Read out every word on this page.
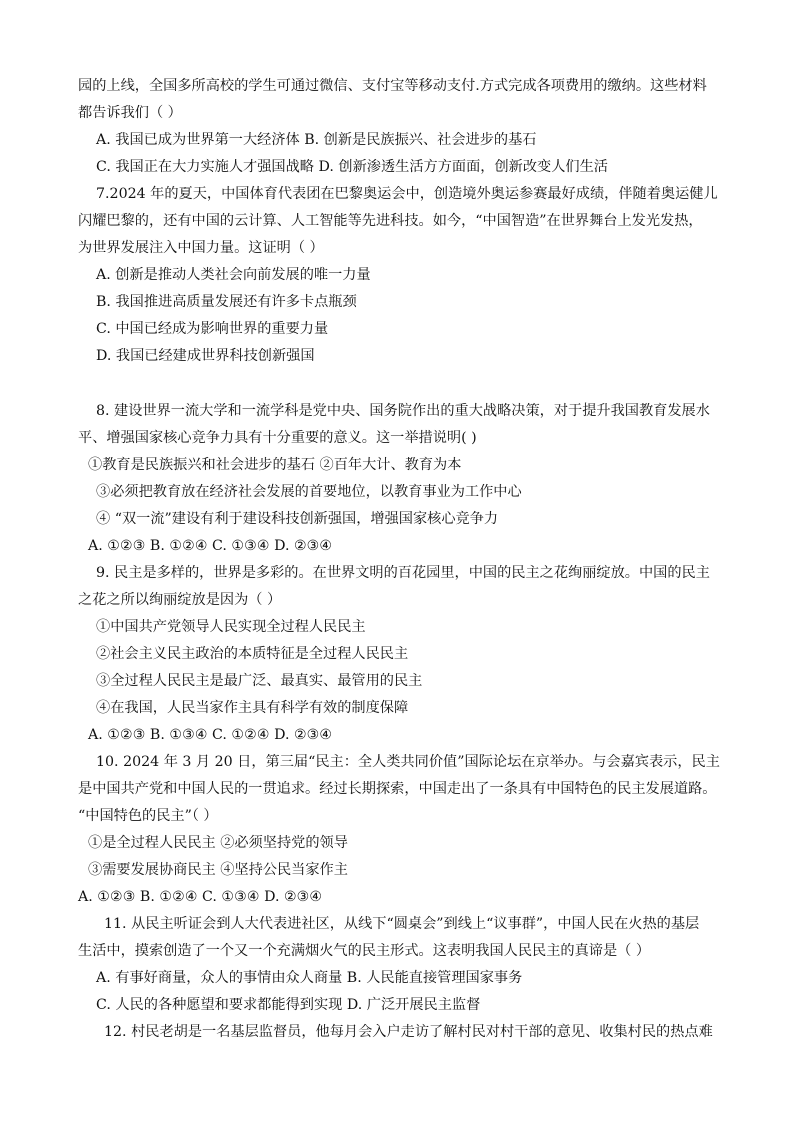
园的上线，全国多所高校的学生可通过微信、支付宝等移动支付.方式完成各项费用的缴纳。这些材料
都告诉我们（ ）
A. 我国已成为世界第一大经济体 B. 创新是民族振兴、社会进步的基石
C. 我国正在大力实施人才强国战略 D. 创新渗透生活方方面面，创新改变人们生活
7.2024 年的夏天，中国体育代表团在巴黎奥运会中，创造境外奥运参赛最好成绩，伴随着奥运健儿
闪耀巴黎的，还有中国的云计算、人工智能等先进科技。如今，“中国智造”在世界舞台上发光发热，
为世界发展注入中国力量。这证明（ ）
A. 创新是推动人类社会向前发展的唯一力量
B. 我国推进高质量发展还有许多卡点瓶颈
C. 中国已经成为影响世界的重要力量
D. 我国已经建成世界科技创新强国
8. 建设世界一流大学和一流学科是党中央、国务院作出的重大战略决策，对于提升我国教育发展水
平、增强国家核心竞争力具有十分重要的意义。这一举措说明( )
①教育是民族振兴和社会进步的基石 ②百年大计、教育为本
③必须把教育放在经济社会发展的首要地位，以教育事业为工作中心
④ “双一流”建设有利于建设科技创新强国，增强国家核心竞争力
A. ①②③ B. ①②④ C. ①③④ D. ②③④
9. 民主是多样的，世界是多彩的。在世界文明的百花园里，中国的民主之花绚丽绽放。中国的民主
之花之所以绚丽绽放是因为（ ）
①中国共产党领导人民实现全过程人民民主
②社会主义民主政治的本质特征是全过程人民民主
③全过程人民民主是最广泛、最真实、最管用的民主
④在我国，人民当家作主具有科学有效的制度保障
A. ①②③ B. ①③④ C. ①②④ D. ②③④
10. 2024 年 3 月 20 日，第三届“民主：全人类共同价值”国际论坛在京举办。与会嘉宾表示，民主
是中国共产党和中国人民的一贯追求。经过长期探索，中国走出了一条具有中国特色的民主发展道路。
“中国特色的民主”（ ）
①是全过程人民民主 ②必须坚持党的领导
③需要发展协商民主 ④坚持公民当家作主
A. ①②③ B. ①②④ C. ①③④ D. ②③④
11. 从民主听证会到人大代表进社区，从线下“圆桌会”到线上“议事群”，中国人民在火热的基层
生活中，摸索创造了一个又一个充满烟火气的民主形式。这表明我国人民民主的真谛是（ ）
A. 有事好商量，众人的事情由众人商量 B. 人民能直接管理国家事务
C. 人民的各种愿望和要求都能得到实现 D. 广泛开展民主监督
12. 村民老胡是一名基层监督员，他每月会入户走访了解村民对村干部的意见、收集村民的热点难
